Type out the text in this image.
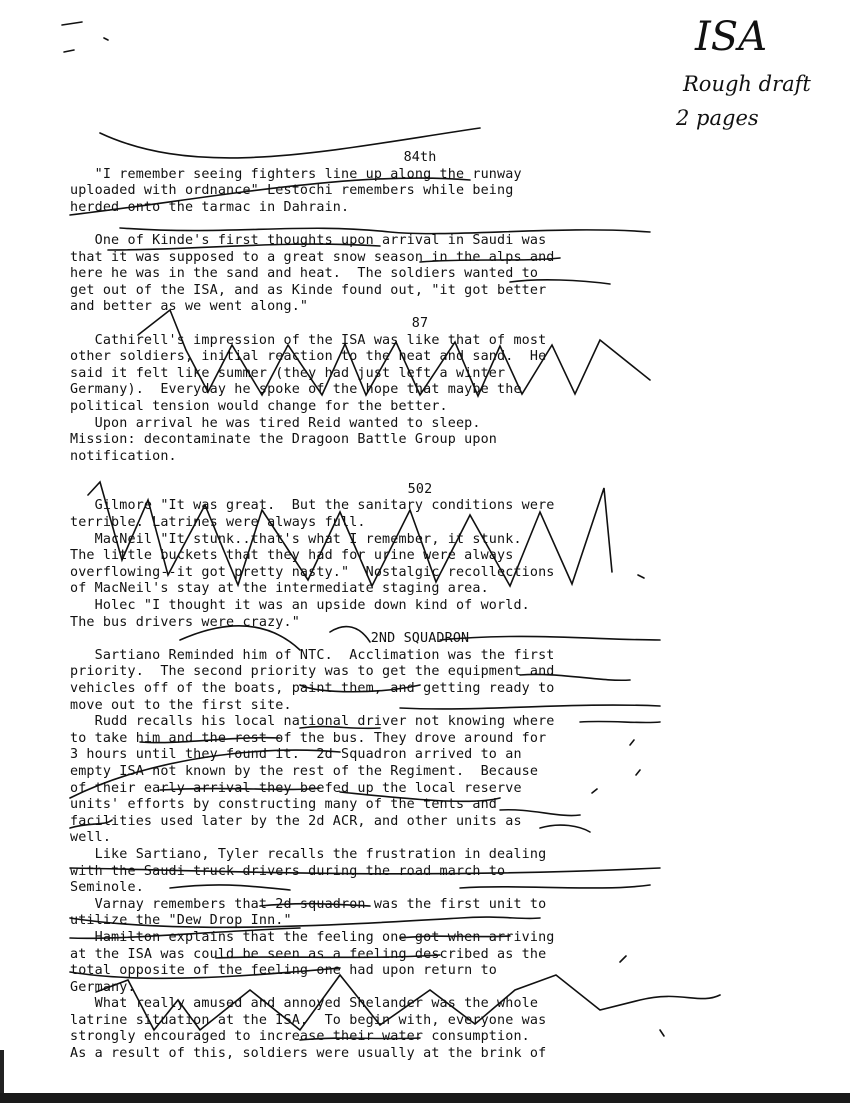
ISA
Rough draft
2 pages

84th

"I remember seeing fighters line up along the runway

uploaded with ordnance" Lestochi remembers while being

herded onto the tarmac in Dahrain.

One of Kinde's first thoughts upon arrival in Saudi was

that it was supposed to a great snow season in the alps and

here he was in the sand and heat.  The soldiers wanted to

get out of the ISA, and as Kinde found out, "it got better

and better as we went along."

87

Cathirell's impression of the ISA was like that of most

other soldiers, initial reaction to the heat and sand.  He

said it felt like summer (they had just left a winter

Germany).  Everyday he spoke of the hope that maybe the

political tension would change for the better.

Upon arrival he was tired Reid wanted to sleep.

Mission: decontaminate the Dragoon Battle Group upon

notification.

502

Gilmore "It was great.  But the sanitary conditions were

terrible. Latrines were always full.

MacNeil "It stunk..that's what I remember, it stunk.

The little buckets that they had for urine were always

overflowing--it got pretty nasty."  Nostalgic recollections

of MacNeil's stay at the intermediate staging area.

Holec "I thought it was an upside down kind of world.

The bus drivers were crazy."

2ND SQUADRON

Sartiano Reminded him of NTC.  Acclimation was the first

priority.  The second priority was to get the equipment and

vehicles off of the boats, paint them, and getting ready to

move out to the first site.

Rudd recalls his local national driver not knowing where

to take him and the rest of the bus. They drove around for

3 hours until they found it.  2d Squadron arrived to an

empty ISA not known by the rest of the Regiment.  Because

of their early arrival they beefed up the local reserve

units' efforts by constructing many of the tents and

facilities used later by the 2d ACR, and other units as

well.

Like Sartiano, Tyler recalls the frustration in dealing

with the Saudi truck drivers during the road march to

Seminole.

Varnay remembers that 2d squadron was the first unit to

utilize the "Dew Drop Inn."

Hamilton explains that the feeling one got when arriving

at the ISA was could be seen as a feeling described as the

total opposite of the feeling one had upon return to

Germany.

What really amused and annoyed Shelander was the whole

latrine situation at the ISA.  To begin with, everyone was

strongly encouraged to increase their water consumption.

As a result of this, soldiers were usually at the brink of
